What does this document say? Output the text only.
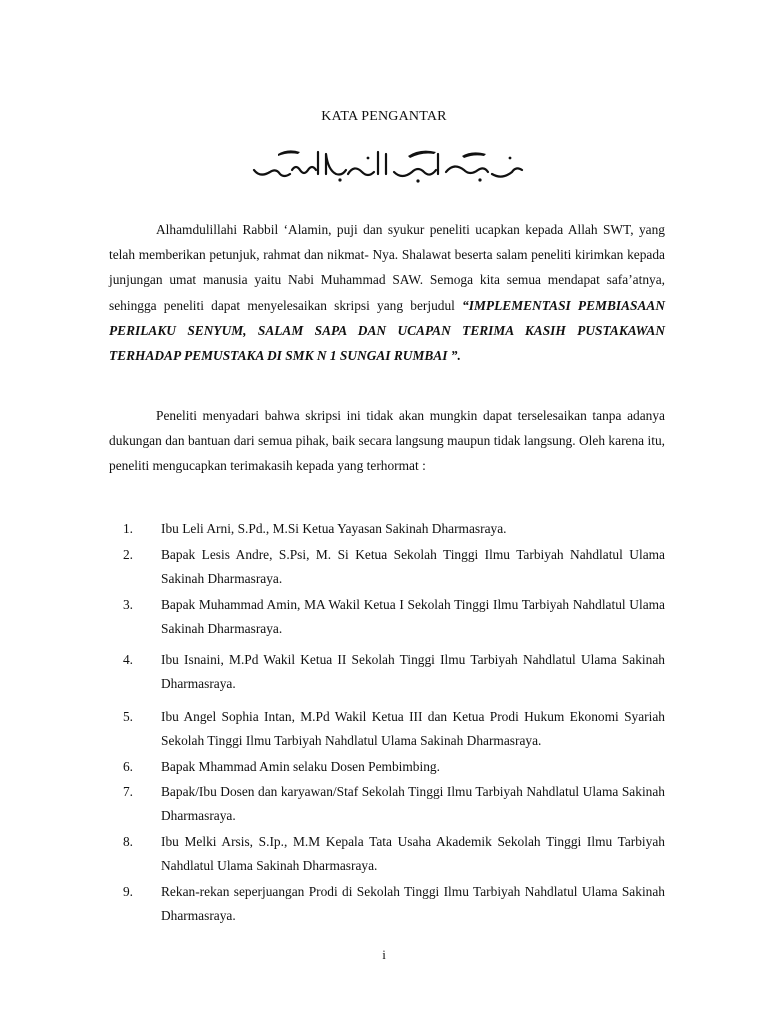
KATA PENGANTAR

Alhamdulillahi Rabbil ‘Alamin, puji dan syukur peneliti ucapkan kepada Allah SWT, yang telah memberikan petunjuk, rahmat dan nikmat- Nya. Shalawat beserta salam peneliti kirimkan kepada junjungan umat manusia yaitu Nabi Muhammad SAW. Semoga kita semua mendapat safa’atnya, sehingga peneliti dapat menyelesaikan skripsi yang berjudul “IMPLEMENTASI PEMBIASAAN PERILAKU SENYUM, SALAM SAPA DAN UCAPAN TERIMA KASIH PUSTAKAWAN TERHADAP PEMUSTAKA DI SMK N 1 SUNGAI RUMBAI ”.

Peneliti menyadari bahwa skripsi ini tidak akan mungkin dapat terselesaikan tanpa adanya dukungan dan bantuan dari semua pihak, baik secara langsung maupun tidak langsung. Oleh karena itu, peneliti mengucapkan terimakasih kepada yang terhormat :

1. Ibu Leli Arni, S.Pd., M.Si Ketua Yayasan Sakinah Dharmasraya.
2. Bapak Lesis Andre, S.Psi, M. Si Ketua Sekolah Tinggi Ilmu Tarbiyah Nahdlatul Ulama Sakinah Dharmasraya.
3. Bapak Muhammad Amin, MA Wakil Ketua I Sekolah Tinggi Ilmu Tarbiyah Nahdlatul Ulama Sakinah Dharmasraya.
4. Ibu Isnaini, M.Pd Wakil Ketua II Sekolah Tinggi Ilmu Tarbiyah Nahdlatul Ulama Sakinah Dharmasraya.
5. Ibu Angel Sophia Intan, M.Pd Wakil Ketua III dan Ketua Prodi Hukum Ekonomi Syariah Sekolah Tinggi Ilmu Tarbiyah Nahdlatul Ulama Sakinah Dharmasraya.
6. Bapak Mhammad Amin selaku Dosen Pembimbing.
7. Bapak/Ibu Dosen dan karyawan/Staf Sekolah Tinggi Ilmu Tarbiyah Nahdlatul Ulama Sakinah Dharmasraya.
8. Ibu Melki Arsis, S.Ip., M.M Kepala Tata Usaha Akademik Sekolah Tinggi Ilmu Tarbiyah Nahdlatul Ulama Sakinah Dharmasraya.
9. Rekan-rekan seperjuangan Prodi di Sekolah Tinggi Ilmu Tarbiyah Nahdlatul Ulama Sakinah Dharmasraya.
i
